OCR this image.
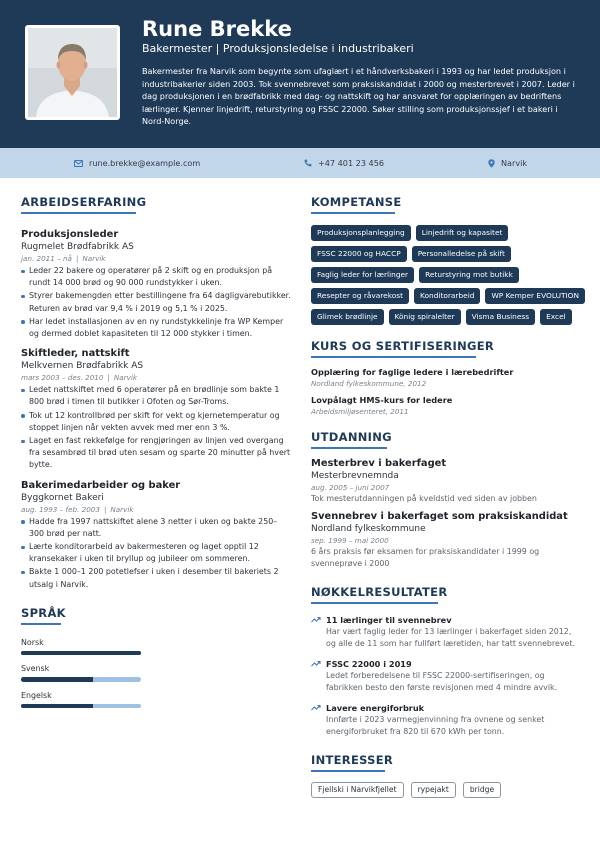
Rune Brekke
Bakermester | Produksjonsledelse i industribakeri
Bakermester fra Narvik som begynte som ufaglært i et håndverksbakeri i 1993 og har ledet produksjon i industribakerier siden 2003. Tok svennebrevet som praksiskandidat i 2000 og mesterbrevet i 2007. Leder i dag produksjonen i en brødfabrikk med dag- og nattskift og har ansvaret for opplæringen av bedriftens lærlinger. Kjenner linjedrift, returstyring og FSSC 22000. Søker stilling som produksjonssjef i et bakeri i Nord-Norge.
rune.brekke@example.com	+47 401 23 456	Narvik
ARBEIDSERFARING
Produksjonsleder
Rugmelet Brødfabrikk AS
jan. 2011 – nå | Narvik
Leder 22 bakere og operatører på 2 skift og en produksjon på rundt 14 000 brød og 90 000 rundstykker i uken.
Styrer bakemengden etter bestillingene fra 64 dagligvarebutikker. Returen av brød var 9,4 % i 2019 og 5,1 % i 2025.
Har ledet installasjonen av en ny rundstykkelinje fra WP Kemper og dermed doblet kapasiteten til 12 000 stykker i timen.
Skiftleder, nattskift
Melkvernen Brødfabrikk AS
mars 2003 – des. 2010 | Narvik
Ledet nattskiftet med 6 operatører på en brødlinje som bakte 1 800 brød i timen til butikker i Ofoten og Sør-Troms.
Tok ut 12 kontrollbrød per skift for vekt og kjernetemperatur og stoppet linjen når vekten avvek med mer enn 3 %.
Laget en fast rekkefølge for rengjøringen av linjen ved overgang fra sesambrød til brød uten sesam og sparte 20 minutter på hvert bytte.
Bakerimedarbeider og baker
Byggkornet Bakeri
aug. 1993 – feb. 2003 | Narvik
Hadde fra 1997 nattskiftet alene 3 netter i uken og bakte 250–300 brød per natt.
Lærte konditorarbeid av bakermesteren og laget opptil 12 kransekaker i uken til bryllup og jubileer om sommeren.
Bakte 1 000–1 200 potetlefser i uken i desember til bakeriets 2 utsalg i Narvik.
SPRÅK
Norsk
Svensk
Engelsk
KOMPETANSE
Produksjonsplanlegging	Linjedrift og kapasitet
FSSC 22000 og HACCP	Personalledelse på skift
Faglig leder for lærlinger	Returstyring mot butikk
Resepter og råvarekost	Konditorarbeid	WP Kemper EVOLUTION
Glimek brødlinje	König spiralelter	Visma Business	Excel
KURS OG SERTIFISERINGER
Opplæring for faglige ledere i lærebedrifter
Nordland fylkeskommune, 2012
Lovpålagt HMS-kurs for ledere
Arbeidsmiljøsenteret, 2011
UTDANNING
Mesterbrev i bakerfaget
Mesterbrevnemnda
aug. 2005 – juni 2007
Tok mesterutdanningen på kveldstid ved siden av jobben
Svennebrev i bakerfaget som praksiskandidat
Nordland fylkeskommune
sep. 1999 – mai 2000
6 års praksis før eksamen for praksiskandidater i 1999 og svenneprøve i 2000
NØKKELRESULTATER
11 lærlinger til svennebrev
Har vært faglig leder for 13 lærlinger i bakerfaget siden 2012, og alle de 11 som har fullført læretiden, har tatt svennebrevet.
FSSC 22000 i 2019
Ledet forberedelsene til FSSC 22000-sertifiseringen, og fabrikken besto den første revisjonen med 4 mindre avvik.
Lavere energiforbruk
Innførte i 2023 varmegjenvinning fra ovnene og senket energiforbruket fra 820 til 670 kWh per tonn.
INTERESSER
Fjellski i Narvikfjellet	rypejakt	bridge
